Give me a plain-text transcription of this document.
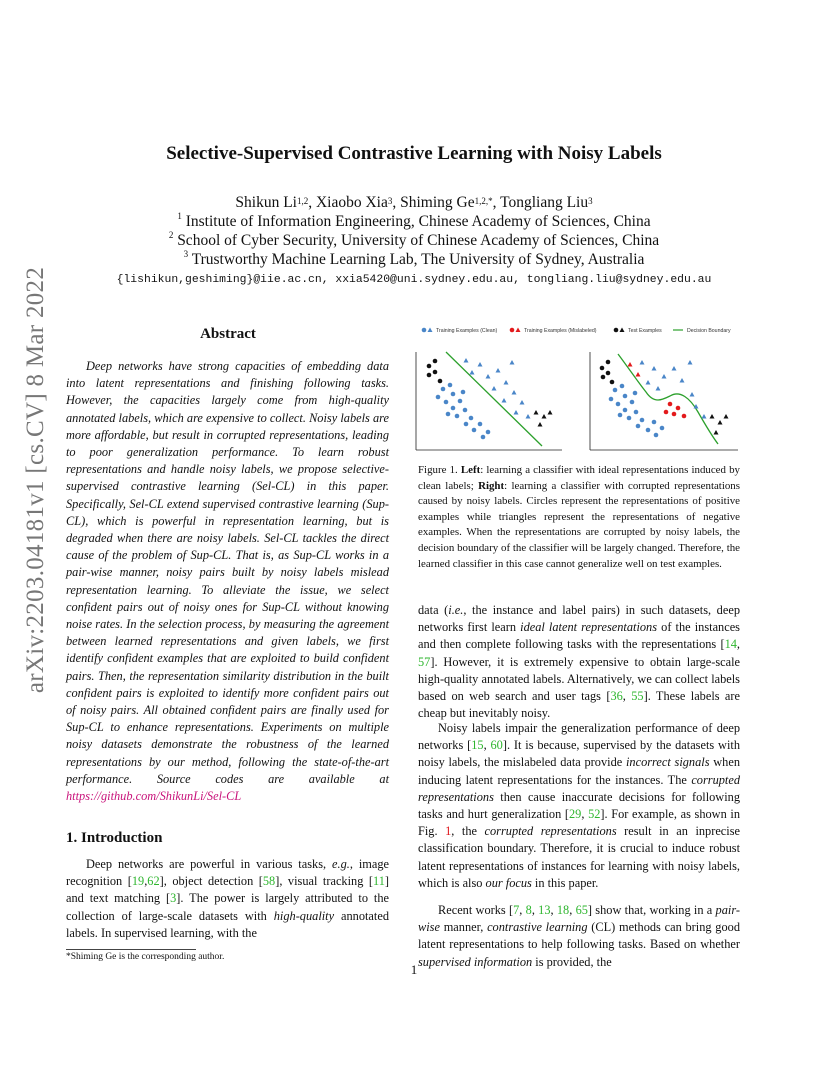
arXiv:2203.04181v1 [cs.CV] 8 Mar 2022
Selective-Supervised Contrastive Learning with Noisy Labels
Shikun Li$^{1,2}$, Xiaobo Xia$^3$, Shiming $Ge^{1,2,*}$, Tongliang Liu$^3$
$^1$ Institute of Information Engineering, Chinese Academy of Sciences, China
$^2$ School of Cyber Security, University of Chinese Academy of Sciences, China
$^3$ Trustworthy Machine Learning Lab, The University of Sydney, Australia
{lishikun,geshiming}@iie.ac.cn, xxia5420@uni.sydney.edu.au, tongliang.liu@sydney.edu.au
Abstract
Deep networks have strong capacities of embedding data into latent representations and finishing following tasks. However, the capacities largely come from high-quality annotated labels, which are expensive to collect. Noisy labels are more affordable, but result in corrupted representations, leading to poor generalization performance. To learn robust representations and handle noisy labels, we propose selective-supervised contrastive learning (Sel-CL) in this paper. Specifically, Sel-CL extend supervised contrastive learning (Sup-CL), which is powerful in representation learning, but is degraded when there are noisy labels. Sel-CL tackles the direct cause of the problem of Sup-CL. That is, as Sup-CL works in a pair-wise manner, noisy pairs built by noisy labels mislead representation learning. To alleviate the issue, we select confident pairs out of noisy ones for Sup-CL without knowing noise rates. In the selection process, by measuring the agreement between learned representations and given labels, we first identify confident examples that are exploited to build confident pairs. Then, the representation similarity distribution in the built confident pairs is exploited to identify more confident pairs out of noisy pairs. All obtained confident pairs are finally used for Sup-CL to enhance representations. Experiments on multiple noisy datasets demonstrate the robustness of the learned representations by our method, following the state-of-the-art performance. Source codes are available at https://github.com/ShikunLi/Sel-CL
1. Introduction
Deep networks are powerful in various tasks, e.g., image recognition [19,62], object detection [58], visual tracking [11] and text matching [3]. The power is largely attributed to the collection of large-scale datasets with high-quality annotated labels. In supervised learning, with the
*Shiming Ge is the corresponding author.
Training Examples (Clean)	Training Examples (Mislabeled)	Test Examples	Decision Boundary
Figure 1. Left: learning a classifier with ideal representations induced by clean labels; Right: learning a classifier with corrupted representations caused by noisy labels. Circles represent the representations of positive examples while triangles represent the representations of negative examples. When the representations are corrupted by noisy labels, the decision boundary of the classifier will be largely changed. Therefore, the learned classifier in this case cannot generalize well on test examples.
data (i.e., the instance and label pairs) in such datasets, deep networks first learn ideal latent representations of the instances and then complete following tasks with the representations [14, 57]. However, it is extremely expensive to obtain large-scale high-quality annotated labels. Alternatively, we can collect labels based on web search and user tags [36, 55]. These labels are cheap but inevitably noisy.
Noisy labels impair the generalization performance of deep networks [15, 60]. It is because, supervised by the datasets with noisy labels, the mislabeled data provide incorrect signals when inducing latent representations for the instances. The corrupted representations then cause inaccurate decisions for following tasks and hurt generalization [29, 52]. For example, as shown in Fig. 1, the corrupted representations result in an inprecise classification boundary. Therefore, it is crucial to induce robust latent representations of instances for learning with noisy labels, which is also our focus in this paper.
Recent works [7, 8, 13, 18, 65] show that, working in a pair-wise manner, contrastive learning (CL) methods can bring good latent representations to help following tasks. Based on whether supervised information is provided, the
1
